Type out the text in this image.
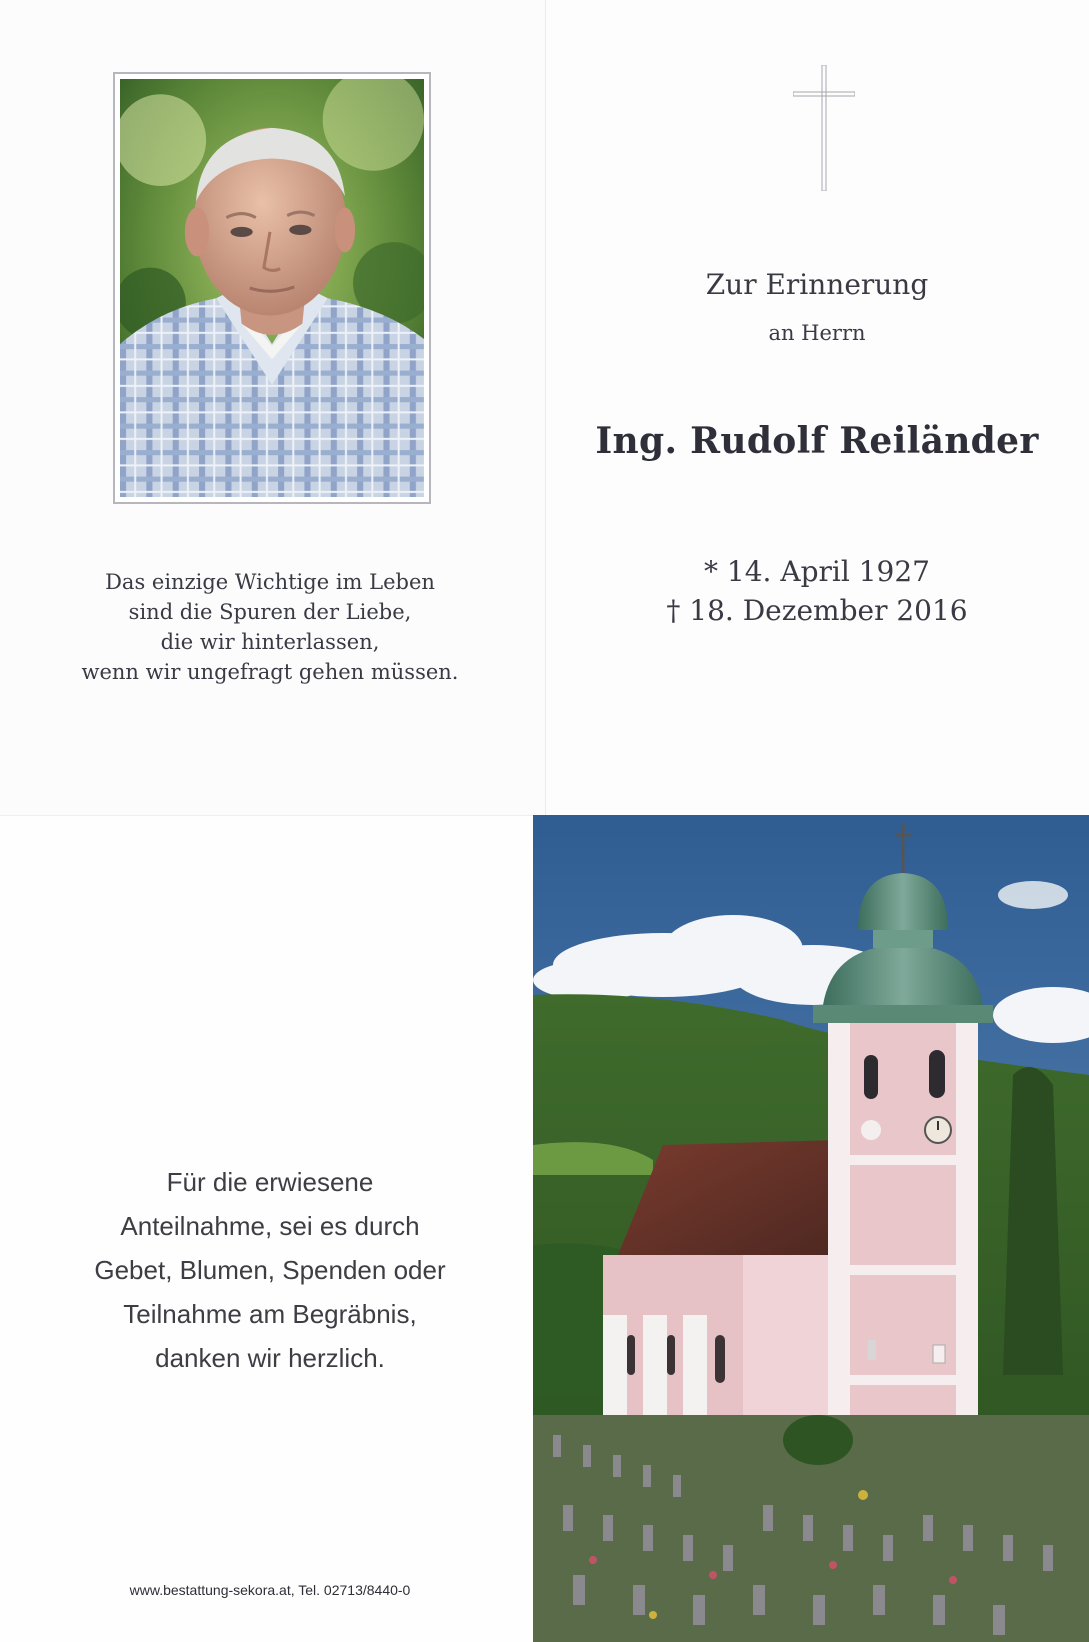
Das einzige Wichtige im Leben
sind die Spuren der Liebe,
die wir hinterlassen,
wenn wir ungefragt gehen müssen.
Zur Erinnerung
an Herrn
Ing. Rudolf Reiländer
* 14. April 1927
† 18. Dezember 2016
Für die erwiesene
Anteilnahme, sei es durch
Gebet, Blumen, Spenden oder
Teilnahme am Begräbnis,
danken wir herzlich.
www.bestattung-sekora.at, Tel. 02713/8440-0
